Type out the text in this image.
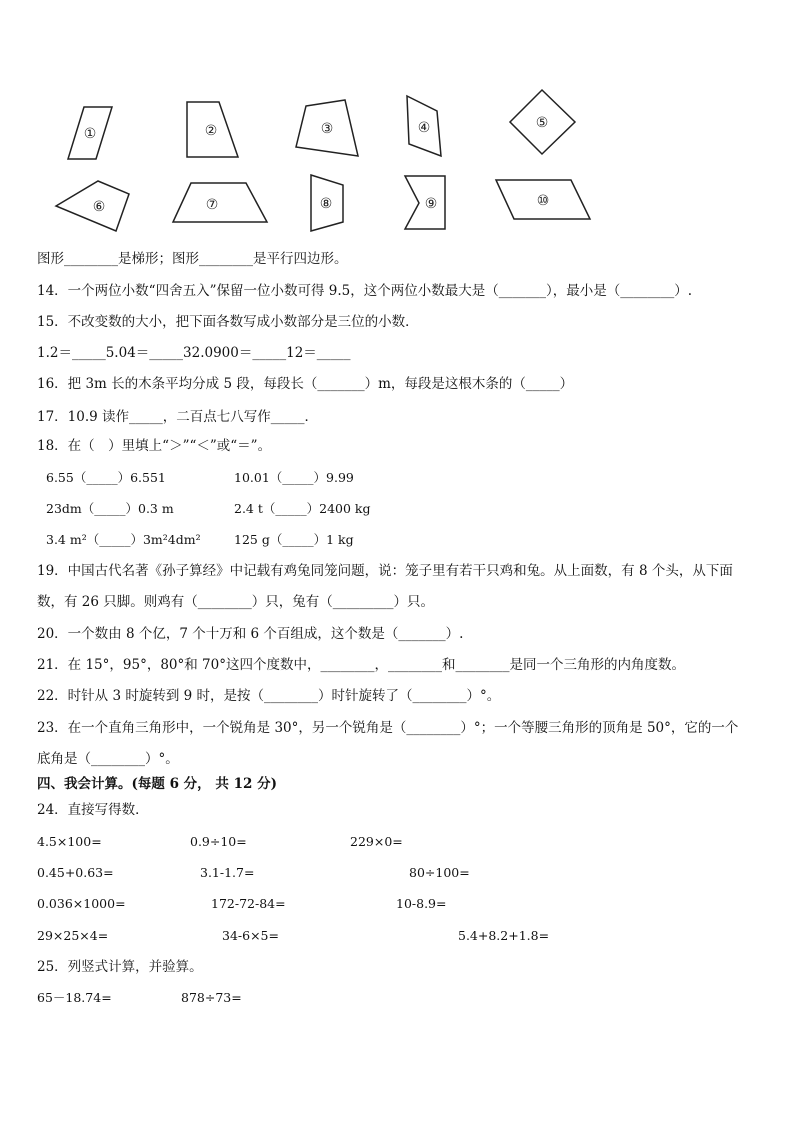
①	②	③	④	⑤
⑥	⑦	⑧	⑨	⑩
图形________是梯形；图形________是平行四边形。
14．一个两位小数“四舍五入”保留一位小数可得 9.5，这个两位小数最大是（_______），最小是（________）.
15．不改变数的大小，把下面各数写成小数部分是三位的小数．
1.2＝_____5.04＝_____32.0900＝_____12＝_____
16．把 3m 长的木条平均分成 5 段，每段长（_______）m，每段是这根木条的（_____）
17．10.9 读作_____，二百点七八写作_____．
18．在（　）里填上“＞”“＜”或“＝”。
6.55（_____）6.551	10.01（_____）9.99
23dm（_____）0.3 m	2.4 t（_____）2400 kg
3.4 m²（_____）3m²4dm²	125 g（_____）1 kg
19．中国古代名著《孙子算经》中记载有鸡兔同笼问题，说：笼子里有若干只鸡和兔。从上面数，有 8 个头，从下面
数，有 26 只脚。则鸡有（________）只，兔有（_________）只。
20．一个数由 8 个亿，7 个十万和 6 个百组成，这个数是（_______）.
21．在 15°，95°，80°和 70°这四个度数中，________，________和________是同一个三角形的内角度数。
22．时针从 3 时旋转到 9 时，是按（________）时针旋转了（________）°。
23．在一个直角三角形中，一个锐角是 30°，另一个锐角是（________）°；一个等腰三角形的顶角是 50°，它的一个
底角是（________）°。
四、我会计算。(每题 6 分， 共 12 分)
24．直接写得数．
4.5×100=	0.9÷10=	229×0=
0.45+0.63=	3.1-1.7=	80÷100=
0.036×1000=	172-72-84=	10-8.9=
29×25×4=	34-6×5=	5.4+8.2+1.8=
25．列竖式计算，并验算。
65－18.74=	878÷73=
